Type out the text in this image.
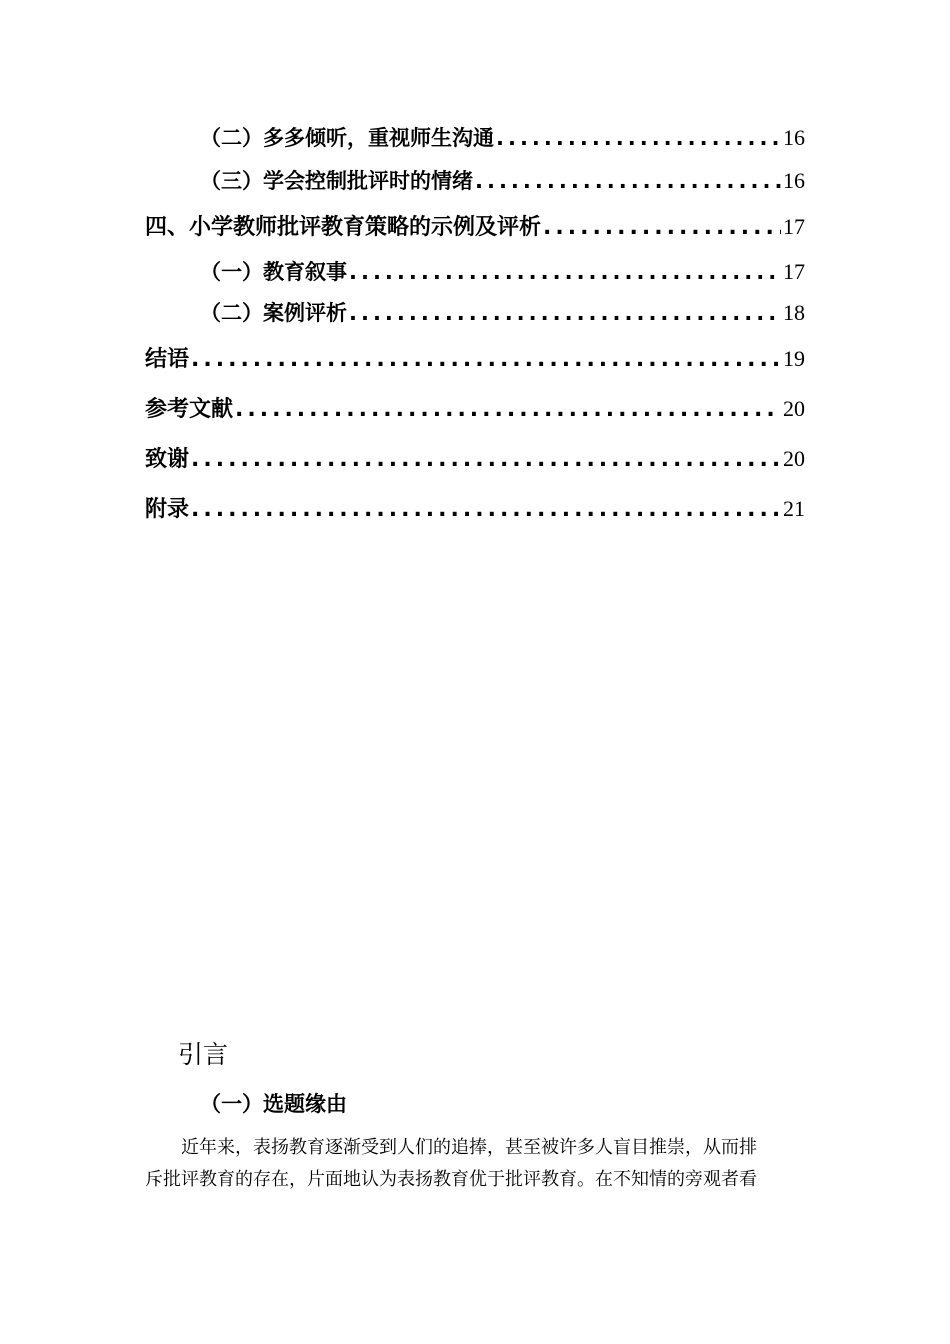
（二）多多倾听，重视师生沟通 .....	16
（三）学会控制批评时的情绪 .....	16
四、小学教师批评教育策略的示例及评析 .....	17
（一）教育叙事 .....	17
（二）案例评析 .....	18
结语 .....	19
参考文献 .....	20
致谢 .....	20
附录 .....	21
引言
（一）选题缘由
近年来，表扬教育逐渐受到人们的追捧，甚至被许多人盲目推崇，从而排
斥批评教育的存在，片面地认为表扬教育优于批评教育。在不知情的旁观者看
